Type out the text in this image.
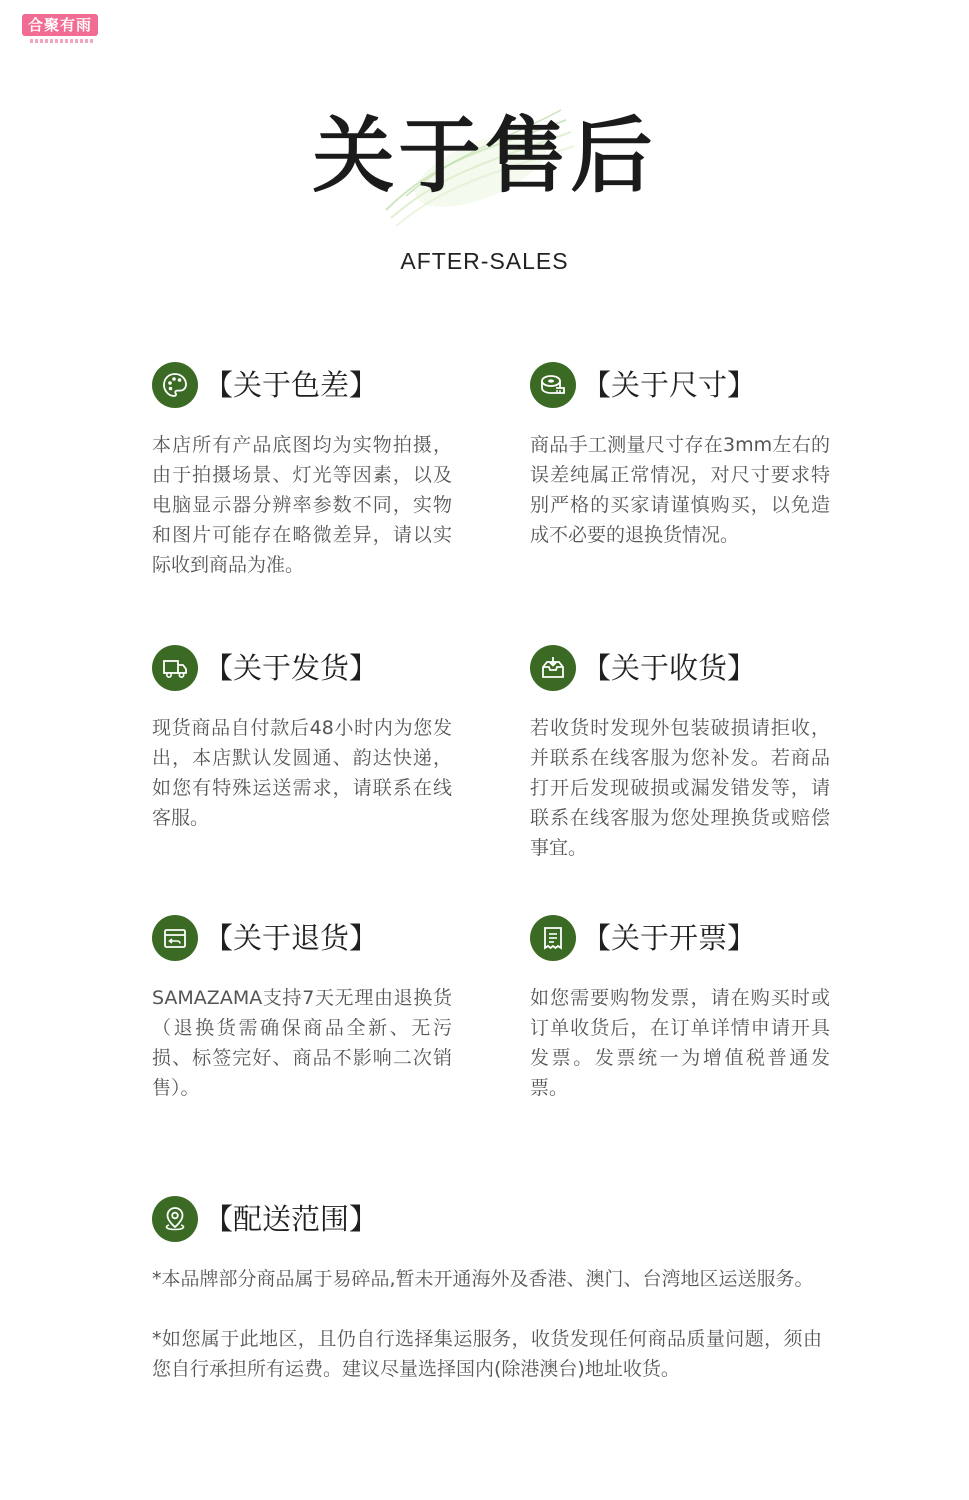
合聚有雨
关于售后
AFTER-SALES
【关于色差】
本店所有产品底图均为实物拍摄，由于拍摄场景、灯光等因素，以及电脑显示器分辨率参数不同，实物和图片可能存在略微差异，请以实际收到商品为准。
【关于尺寸】
商品手工测量尺寸存在3mm左右的误差纯属正常情况，对尺寸要求特别严格的买家请谨慎购买，以免造成不必要的退换货情况。
【关于发货】
现货商品自付款后48小时内为您发出，本店默认发圆通、韵达快递，如您有特殊运送需求，请联系在线客服。
【关于收货】
若收货时发现外包装破损请拒收，并联系在线客服为您补发。若商品打开后发现破损或漏发错发等，请联系在线客服为您处理换货或赔偿事宜。
【关于退货】
SAMAZAMA支持7天无理由退换货（退换货需确保商品全新、无污损、标签完好、商品不影响二次销售）。
【关于开票】
如您需要购物发票，请在购买时或订单收货后，在订单详情申请开具发票。发票统一为增值税普通发票。
【配送范围】

*本品牌部分商品属于易碎品,暂未开通海外及香港、澳门、台湾地区运送服务。

*如您属于此地区，且仍自行选择集运服务，收货发现任何商品质量问题，须由您自行承担所有运费。建议尽量选择国内(除港澳台)地址收货。
